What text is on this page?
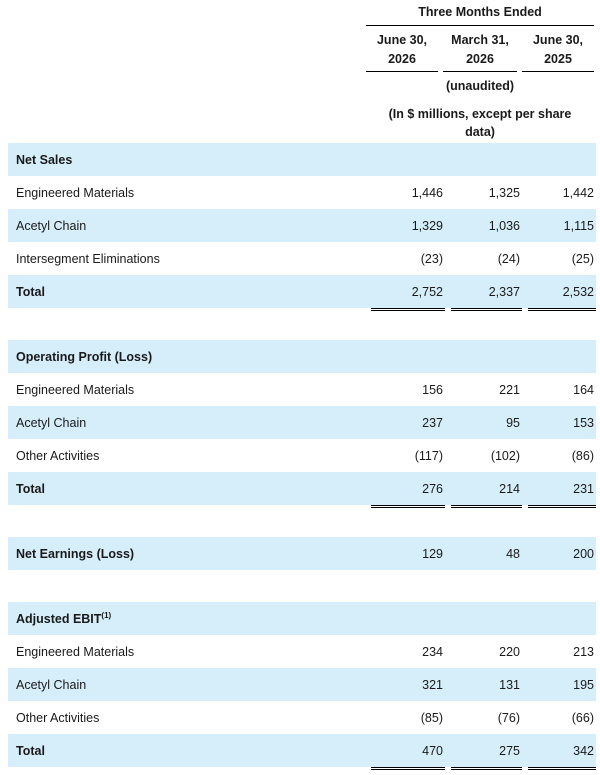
Three Months Ended
June 30,
2026
March 31,
2026
June 30,
2025
(unaudited)
(In $ millions, except per share
data)
Net Sales			
Engineered Materials	1,446	1,325	1,442
Acetyl Chain	1,329	1,036	1,115
Intersegment Eliminations	(23)	(24)	(25)
Total	2,752	2,337	2,532

Operating Profit (Loss)			
Engineered Materials	156	221	164
Acetyl Chain	237	95	153
Other Activities	(117)	(102)	(86)
Total	276	214	231

Net Earnings (Loss)	129	48	200

Adjusted EBIT$^{(1)}$			
Engineered Materials	234	220	213
Acetyl Chain	321	131	195
Other Activities	(85)	(76)	(66)
Total	470	275	342
